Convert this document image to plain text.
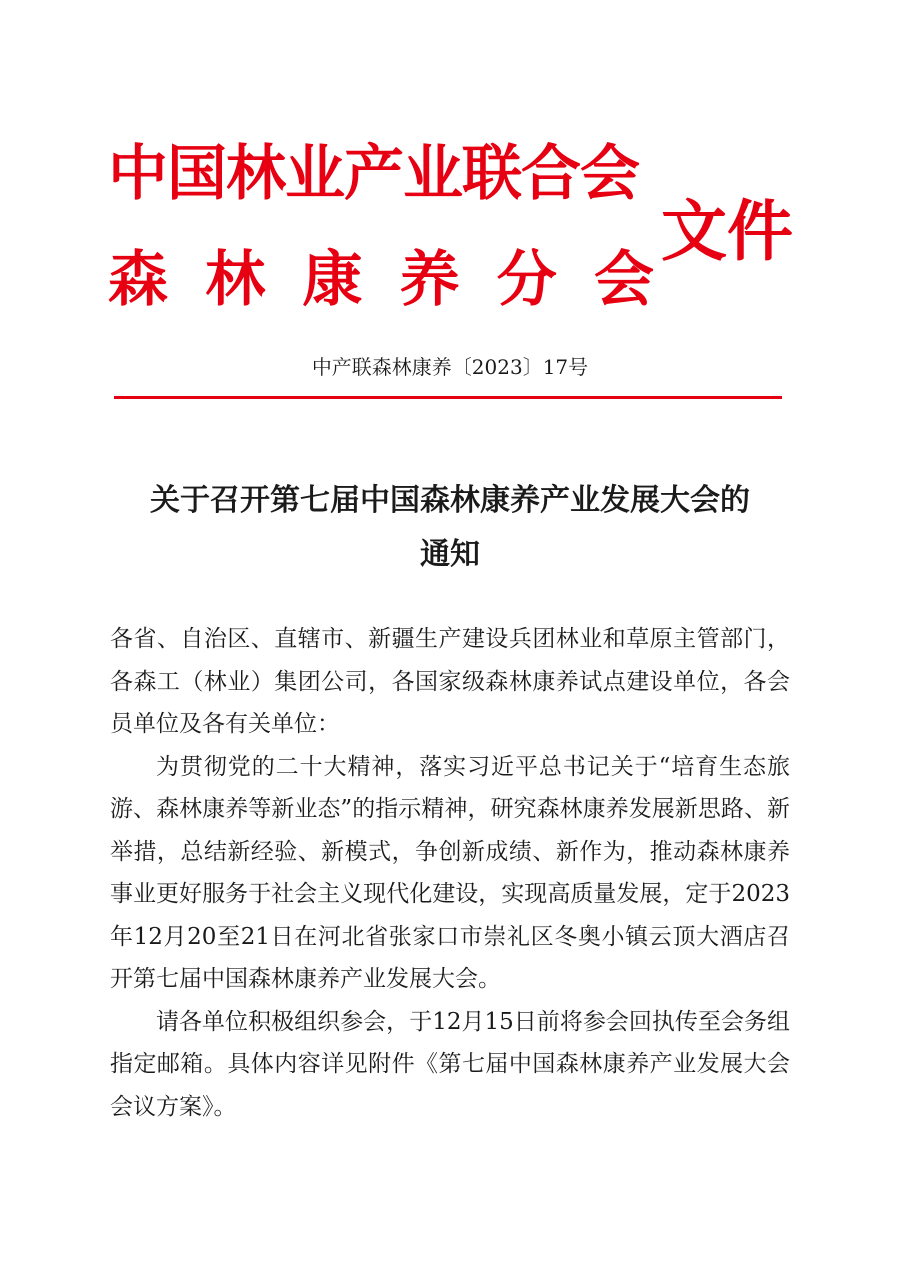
中国林业产业联合会
森林康养分会
文件
中产联森林康养〔2023〕17号
关于召开第七届中国森林康养产业发展大会的
通知

各省、自治区、直辖市、新疆生产建设兵团林业和草原主管部门，各森工（林业）集团公司，各国家级森林康养试点建设单位，各会员单位及各有关单位：

为贯彻党的二十大精神，落实习近平总书记关于“培育生态旅游、森林康养等新业态”的指示精神，研究森林康养发展新思路、新举措，总结新经验、新模式，争创新成绩、新作为，推动森林康养事业更好服务于社会主义现代化建设，实现高质量发展，定于2023年12月20至21日在河北省张家口市崇礼区冬奥小镇云顶大酒店召开第七届中国森林康养产业发展大会。

请各单位积极组织参会，于12月15日前将参会回执传至会务组指定邮箱。具体内容详见附件《第七届中国森林康养产业发展大会会议方案》。
